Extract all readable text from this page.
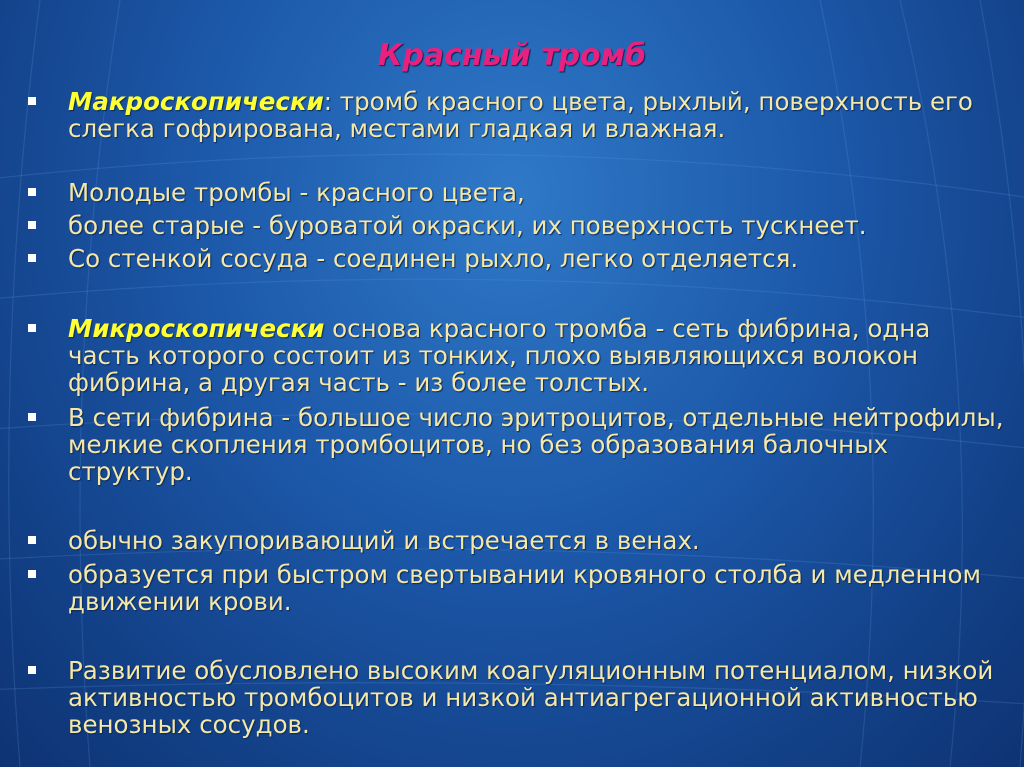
Красный тромб
Макроскопически: тромб красного цвета, рыхлый, поверхность его слегка гофрирована, местами гладкая и влажная.
Молодые тромбы - красного цвета,
более старые - буроватой окраски, их поверхность тускнеет.
Со стенкой сосуда - соединен рыхло, легко отделяется.
Микроскопически основа красного тромба - сеть фибрина, одна часть которого состоит из тонких, плохо выявляющихся волокон фибрина, а другая часть - из более толстых.
В сети фибрина - большое число эритроцитов, отдельные нейтрофилы, мелкие скопления тромбоцитов, но без образования балочных структур.
обычно закупоривающий и встречается в венах.
образуется при быстром свертывании кровяного столба и медленном движении крови.
Развитие обусловлено высоким коагуляционным потенциалом, низкой активностью тромбоцитов и низкой антиагрегационной активностью венозных сосудов.
